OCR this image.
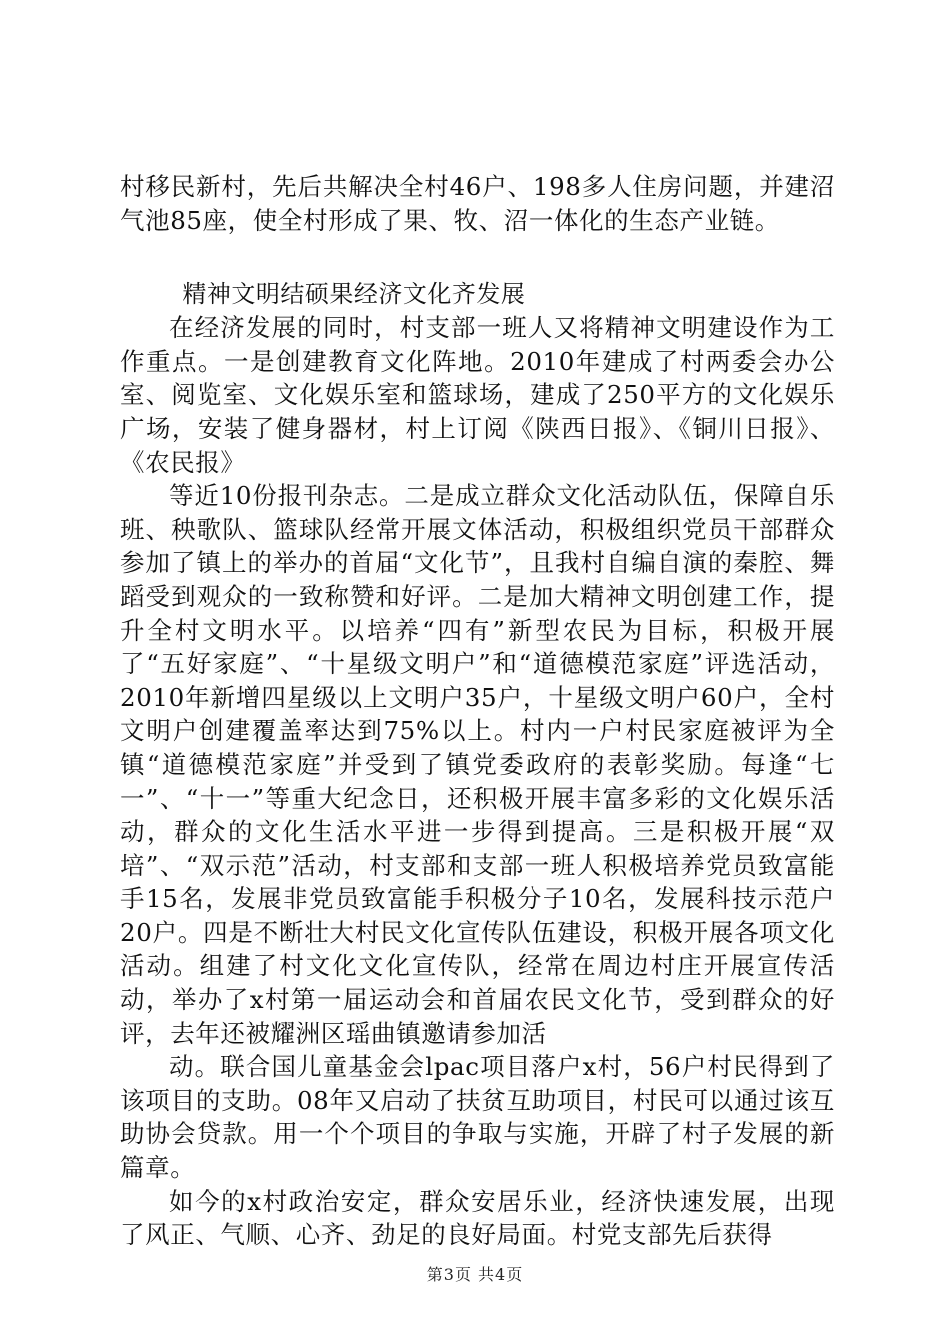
村移民新村，先后共解决全村46户、198多人住房问题，并建沼气池85座，使全村形成了果、牧、沼一体化的生态产业链。

精神文明结硕果经济文化齐发展

在经济发展的同时，村支部一班人又将精神文明建设作为工作重点。一是创建教育文化阵地。2010年建成了村两委会办公室、阅览室、文化娱乐室和篮球场，建成了250平方的文化娱乐广场，安装了健身器材，村上订阅《陕西日报》、《铜川日报》、《农民报》

等近10份报刊杂志。二是成立群众文化活动队伍，保障自乐班、秧歌队、篮球队经常开展文体活动，积极组织党员干部群众参加了镇上的举办的首届“文化节”，且我村自编自演的秦腔、舞蹈受到观众的一致称赞和好评。二是加大精神文明创建工作，提升全村文明水平。以培养“四有”新型农民为目标，积极开展了“五好家庭”、“十星级文明户”和“道德模范家庭”评选活动，2010年新增四星级以上文明户35户，十星级文明户60户，全村文明户创建覆盖率达到75%以上。村内一户村民家庭被评为全镇“道德模范家庭”并受到了镇党委政府的表彰奖励。每逢“七一”、“十一”等重大纪念日，还积极开展丰富多彩的文化娱乐活动，群众的文化生活水平进一步得到提高。三是积极开展“双培”、“双示范”活动，村支部和支部一班人积极培养党员致富能手15名，发展非党员致富能手积极分子10名，发展科技示范户20户。四是不断壮大村民文化宣传队伍建设，积极开展各项文化活动。组建了村文化文化宣传队，经常在周边村庄开展宣传活动，举办了x村第一届运动会和首届农民文化节，受到群众的好评，去年还被耀洲区瑶曲镇邀请参加活

动。联合国儿童基金会lpac项目落户x村，56户村民得到了该项目的支助。08年又启动了扶贫互助项目，村民可以通过该互助协会贷款。用一个个项目的争取与实施，开辟了村子发展的新篇章。

如今的x村政治安定，群众安居乐业，经济快速发展，出现了风正、气顺、心齐、劲足的良好局面。村党支部先后获得

第3页 共4页
